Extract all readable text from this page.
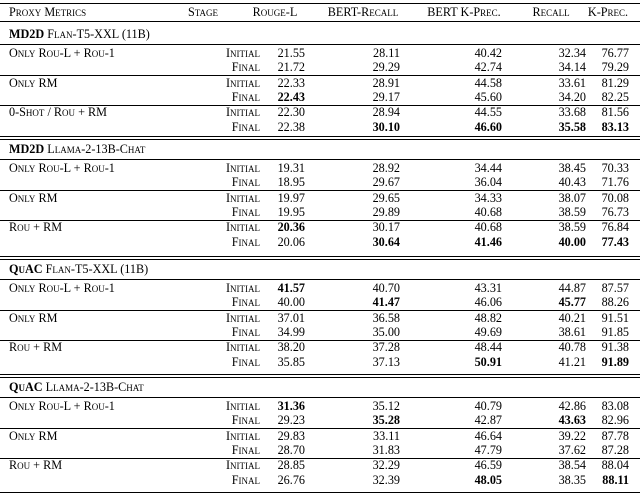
Proxy Metrics	Stage	Rouge-L	BERT-Recall	BERT K-Prec.	Recall	K-Prec.
MD2D Flan-T5-XXL (11B)
Only Rou-L + Rou-1	Initial	21.55	28.11	40.42	32.34	76.77
Final	21.72	29.29	42.74	34.14	79.29
Only RM	Initial	22.33	28.91	44.58	33.61	81.29
Final	22.43	29.17	45.60	34.20	82.25
0-Shot / Rou + RM	Initial	22.30	28.94	44.55	33.68	81.56
Final	22.38	30.10	46.60	35.58	83.13
MD2D Llama-2-13B-Chat
Only Rou-L + Rou-1	Initial	19.31	28.92	34.44	38.45	70.33
Final	18.95	29.67	36.04	40.43	71.76
Only RM	Initial	19.97	29.65	34.33	38.07	70.08
Final	19.95	29.89	40.68	38.59	76.73
Rou + RM	Initial	20.36	30.17	40.68	38.59	76.84
Final	20.06	30.64	41.46	40.00	77.43
QuAC Flan-T5-XXL (11B)
Only Rou-L + Rou-1	Initial	41.57	40.70	43.31	44.87	87.57
Final	40.00	41.47	46.06	45.77	88.26
Only RM	Initial	37.01	36.58	48.82	40.21	91.51
Final	34.99	35.00	49.69	38.61	91.85
Rou + RM	Initial	38.20	37.28	48.44	40.78	91.38
Final	35.85	37.13	50.91	41.21	91.89
QuAC Llama-2-13B-Chat
Only Rou-L + Rou-1	Initial	31.36	35.12	40.79	42.86	83.08
Final	29.23	35.28	42.87	43.63	82.96
Only RM	Initial	29.83	33.11	46.64	39.22	87.78
Final	28.70	31.83	47.79	37.62	87.28
Rou + RM	Initial	28.85	32.29	46.59	38.54	88.04
Final	26.76	32.39	48.05	38.35	88.11
